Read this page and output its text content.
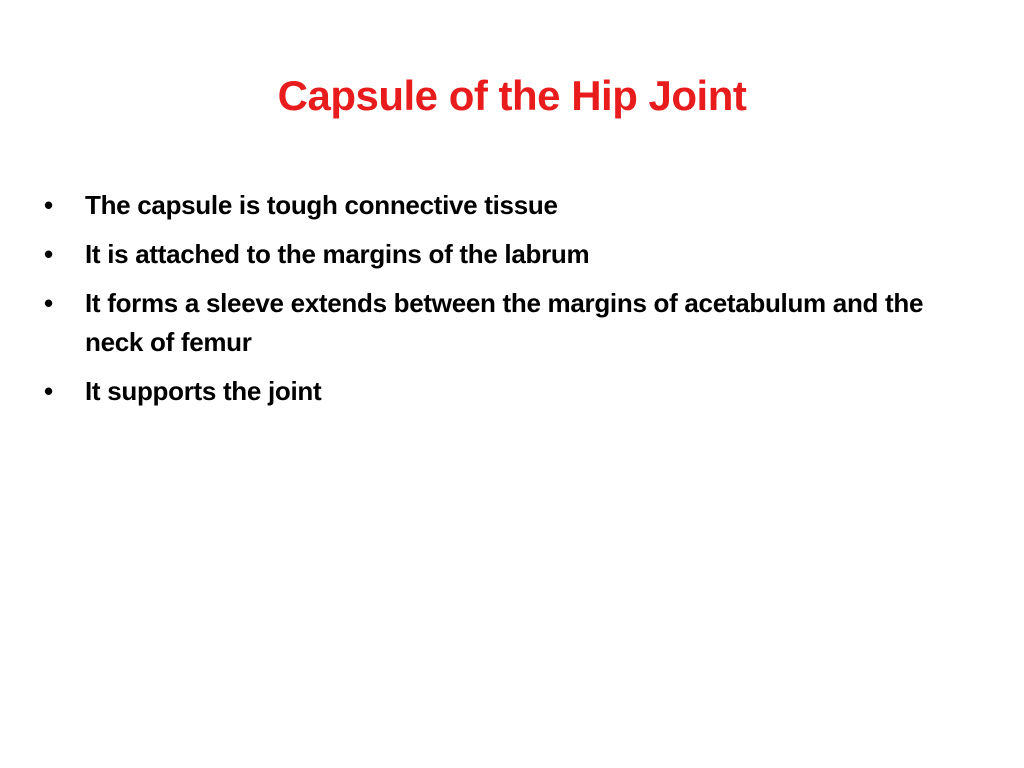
Capsule of the Hip Joint
•	The capsule is tough connective tissue
•	It is attached to the margins of the labrum
•	It forms a sleeve extends between the margins of acetabulum and the neck of femur
•	It supports the joint
